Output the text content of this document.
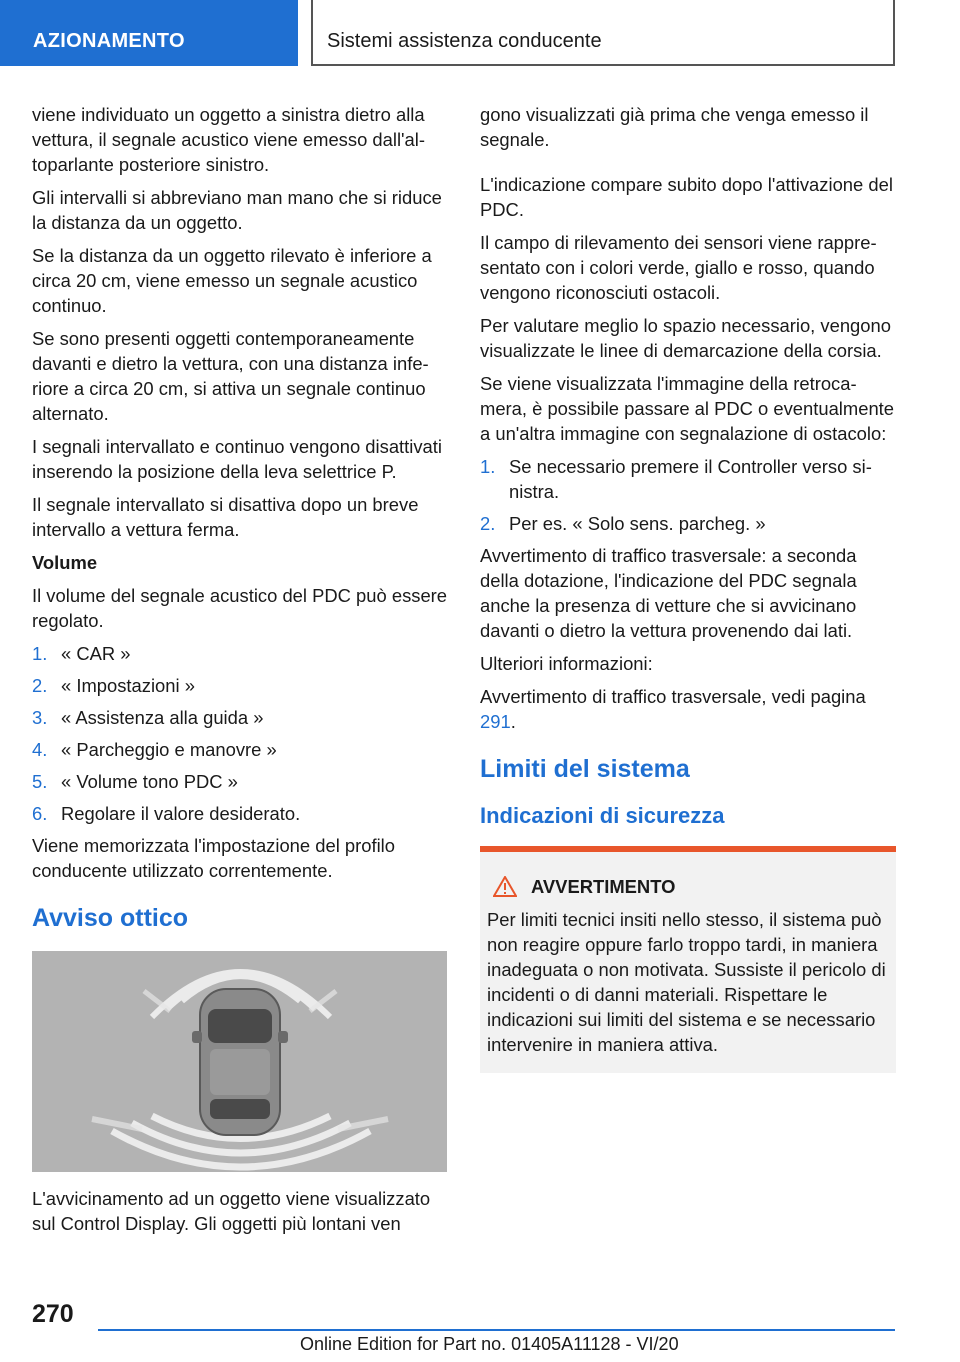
AZIONAMENTO	Sistemi assistenza conducente

viene individuato un oggetto a sinistra dietro alla vettura, il segnale acustico viene emesso dall'altoparlante posteriore sinistro.

Gli intervalli si abbreviano man mano che si riduce la distanza da un oggetto.

Se la distanza da un oggetto rilevato è inferiore a circa 20 cm, viene emesso un segnale acustico continuo.

Se sono presenti oggetti contemporaneamente davanti e dietro la vettura, con una distanza inferiore a circa 20 cm, si attiva un segnale continuo alternato.

I segnali intervallato e continuo vengono disattivati inserendo la posizione della leva selettrice P.

Il segnale intervallato si disattiva dopo un breve intervallo a vettura ferma.

Volume

Il volume del segnale acustico del PDC può essere regolato.

1. « CAR »
2. « Impostazioni »
3. « Assistenza alla guida »
4. « Parcheggio e manovre »
5. « Volume tono PDC »
6. Regolare il valore desiderato.

Viene memorizzata l'impostazione del profilo conducente utilizzato correntemente.

Avviso ottico

L'avvicinamento ad un oggetto viene visualizzato sul Control Display. Gli oggetti più lontani ven

gono visualizzati già prima che venga emesso il segnale.

L'indicazione compare subito dopo l'attivazione del PDC.

Il campo di rilevamento dei sensori viene rappresentato con i colori verde, giallo e rosso, quando vengono riconosciuti ostacoli.

Per valutare meglio lo spazio necessario, vengono visualizzate le linee di demarcazione della corsia.

Se viene visualizzata l'immagine della retrocamera, è possibile passare al PDC o eventualmente a un'altra immagine con segnalazione di ostacolo:

1. Se necessario premere il Controller verso sinistra.
2. Per es. « Solo sens. parcheg. »

Avvertimento di traffico trasversale: a seconda della dotazione, l'indicazione del PDC segnala anche la presenza di vetture che si avvicinano davanti o dietro la vettura provenendo dai lati.

Ulteriori informazioni:

Avvertimento di traffico trasversale, vedi pagina 291.

Limiti del sistema
Indicazioni di sicurezza
AVVERTIMENTO

Per limiti tecnici insiti nello stesso, il sistema può non reagire oppure farlo troppo tardi, in maniera inadeguata o non motivata. Sussiste il pericolo di incidenti o di danni materiali. Rispettare le indicazioni sui limiti del sistema e se necessario intervenire in maniera attiva.

270
Online Edition for Part no. 01405A11128 - VI/20
